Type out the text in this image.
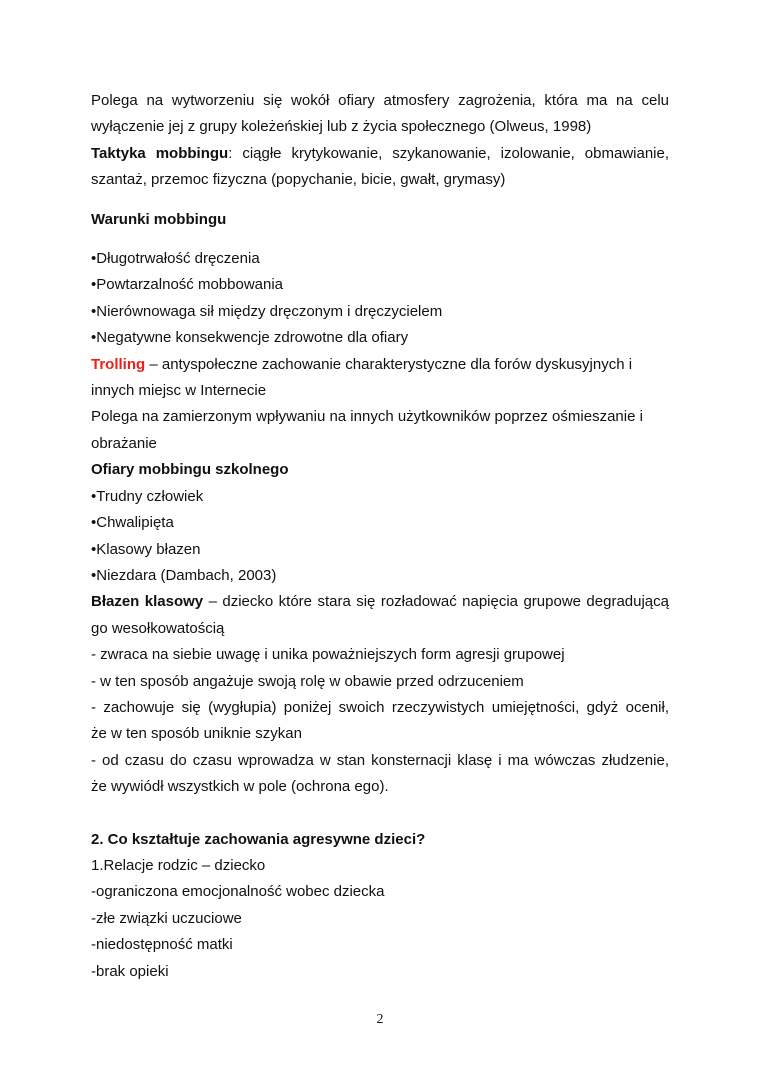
Polega na wytworzeniu się wokół ofiary atmosfery zagrożenia, która ma na celu
wyłączenie jej z grupy koleżeńskiej lub z życia społecznego (Olweus, 1998)
Taktyka mobbingu: ciągłe krytykowanie, szykanowanie, izolowanie, obmawianie,
szantaż, przemoc fizyczna (popychanie, bicie, gwałt, grymasy)
Warunki mobbingu
•Długotrwałość dręczenia
•Powtarzalność mobbowania
•Nierównowaga sił między dręczonym i dręczycielem
•Negatywne konsekwencje zdrowotne dla ofiary
Trolling – antyspołeczne zachowanie charakterystyczne dla forów dyskusyjnych i
innych miejsc w Internecie
Polega na zamierzonym wpływaniu na innych użytkowników poprzez ośmieszanie i
obrażanie
Ofiary mobbingu szkolnego
•Trudny człowiek
•Chwalipięta
•Klasowy błazen
•Niezdara (Dambach, 2003)
Błazen klasowy – dziecko które stara się rozładować napięcia grupowe degradującą
go wesołkowatością
- zwraca na siebie uwagę i unika poważniejszych form agresji grupowej
- w ten sposób angażuje swoją rolę w obawie przed odrzuceniem
- zachowuje się (wygłupia) poniżej swoich rzeczywistych umiejętności, gdyż ocenił,
że w ten sposób uniknie szykan
- od czasu do czasu wprowadza w stan konsternacji klasę i ma wówczas złudzenie,
że wywiódł wszystkich w pole (ochrona ego).
2. Co kształtuje zachowania agresywne dzieci?
1.Relacje rodzic – dziecko
-ograniczona emocjonalność wobec dziecka
-złe związki uczuciowe
-niedostępność matki
-brak opieki
2
